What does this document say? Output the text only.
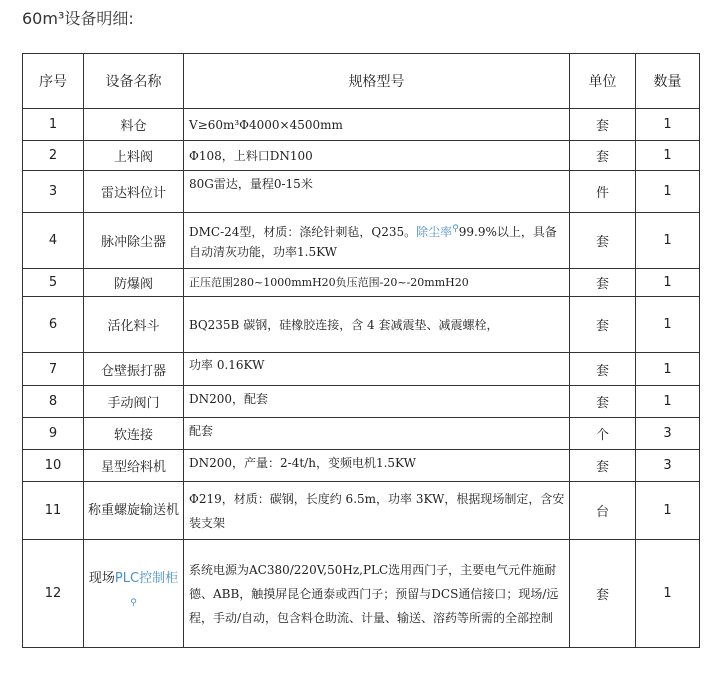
60m³设备明细:
序号	设备名称	规格型号	单位	数量
1	料仓	V≥60m³Φ4000×4500mm	套	1
2	上料阀	Φ108，上料口DN100	套	1
3	雷达料位计	80G雷达，量程0-15米	件	1
4	脉冲除尘器	DMC-24型，材质：涤纶针刺毡，Q235。除尘率⚲99.9%以上，具备自动清灰功能，功率1.5KW	套	1
5	防爆阀	正压范围280~1000mmH20负压范围-20~-20mmH20	套	1
6	活化料斗	BQ235B 碳钢，硅橡胶连接，含 4 套减震垫、减震螺栓，	套	1
7	仓壁振打器	功率 0.16KW	套	1
8	手动阀门	DN200，配套	套	1
9	软连接	配套	个	3
10	星型给料机	DN200，产量：2-4t/h，变频电机1.5KW	套	3
11	称重螺旋输送机	Φ219，材质：碳钢，长度约 6.5m，功率 3KW，根据现场制定，含安装支架	台	1
12	现场PLC控制柜⚲	系统电源为AC380/220V,50Hz,PLC选用西门子，主要电气元件施耐德、ABB，触摸屏昆仑通泰或西门子；预留与DCS通信接口；现场/远程，手动/自动，包含料仓助流、计量、输送、溶药等所需的全部控制	套	1
